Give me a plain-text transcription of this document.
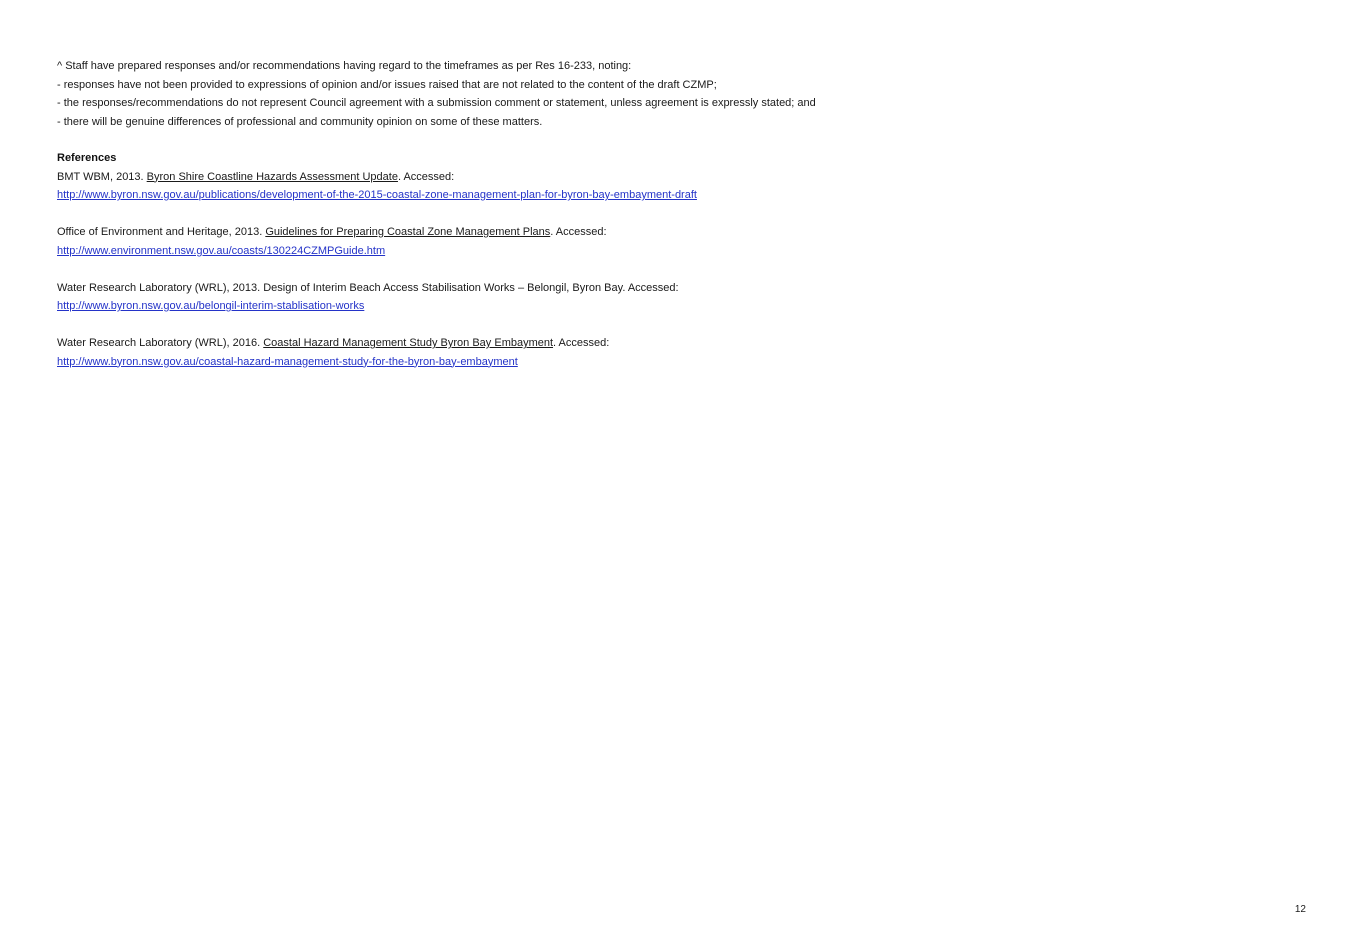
^ Staff have prepared responses and/or recommendations having regard to the timeframes as per Res 16-233, noting:
- responses have not been provided to expressions of opinion and/or issues raised that are not related to the content of the draft CZMP;
- the responses/recommendations do not represent Council agreement with a submission comment or statement, unless agreement is expressly stated; and
- there will be genuine differences of professional and community opinion on some of these matters.
References
BMT WBM, 2013. Byron Shire Coastline Hazards Assessment Update. Accessed:
http://www.byron.nsw.gov.au/publications/development-of-the-2015-coastal-zone-management-plan-for-byron-bay-embayment-draft
Office of Environment and Heritage, 2013. Guidelines for Preparing Coastal Zone Management Plans. Accessed:
http://www.environment.nsw.gov.au/coasts/130224CZMPGuide.htm
Water Research Laboratory (WRL), 2013. Design of Interim Beach Access Stabilisation Works – Belongil, Byron Bay. Accessed:
http://www.byron.nsw.gov.au/belongil-interim-stablisation-works
Water Research Laboratory (WRL), 2016. Coastal Hazard Management Study Byron Bay Embayment. Accessed:
http://www.byron.nsw.gov.au/coastal-hazard-management-study-for-the-byron-bay-embayment
12
